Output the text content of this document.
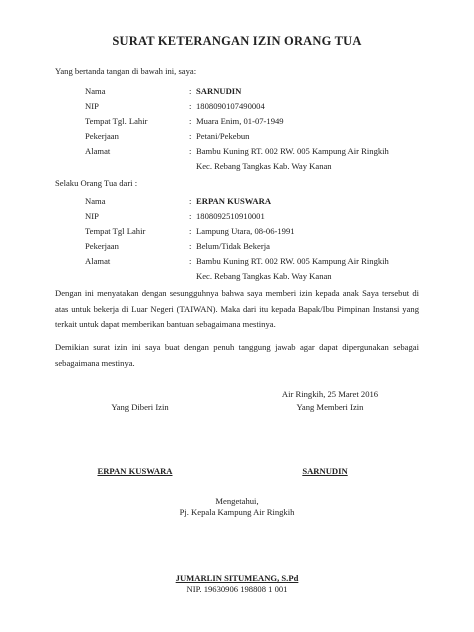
SURAT KETERANGAN IZIN ORANG TUA
Yang bertanda tangan di bawah ini, saya:
Nama	: SARNUDIN
NIP	: 1808090107490004
Tempat Tgl. Lahir	: Muara Enim, 01-07-1949
Pekerjaan	: Petani/Pekebun
Alamat	: Bambu Kuning RT. 002 RW. 005 Kampung Air Ringkih
Kec. Rebang Tangkas Kab. Way Kanan
Selaku Orang Tua dari :
Nama	: ERPAN KUSWARA
NIP	: 1808092510910001
Tempat Tgl Lahir	: Lampung Utara, 08-06-1991
Pekerjaan	: Belum/Tidak Bekerja
Alamat	: Bambu Kuning RT. 002 RW. 005 Kampung Air Ringkih
Kec. Rebang Tangkas Kab. Way Kanan
Dengan ini menyatakan dengan sesungguhnya bahwa saya memberi izin kepada anak Saya tersebut di atas untuk bekerja di Luar Negeri (TAIWAN). Maka dari itu kepada Bapak/Ibu Pimpinan Instansi yang terkait untuk dapat memberikan bantuan sebagaimana mestinya.
Demikian surat izin ini saya buat dengan penuh tanggung jawab agar dapat dipergunakan sebagai sebagaimana mestinya.
Air Ringkih, 25 Maret 2016
Yang Diberi Izin	Yang Memberi Izin
ERPAN KUSWARA	SARNUDIN
Mengetahui,
Pj. Kepala Kampung Air Ringkih
JUMARLIN SITUMEANG, S.Pd
NIP. 19630906 198808 1 001
